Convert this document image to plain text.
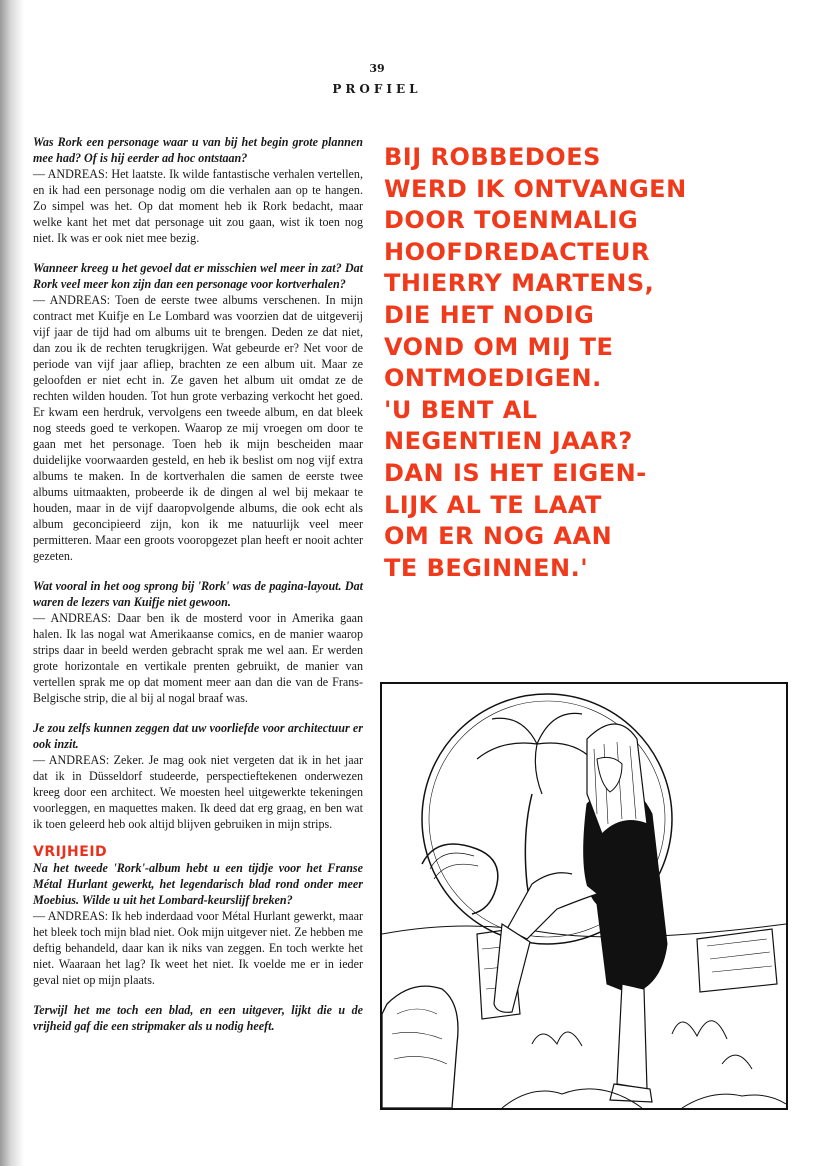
39
PROFIEL

Was Rork een personage waar u van bij het begin grote plannen mee had? Of is hij eerder ad hoc ontstaan?
— ANDREAS: Het laatste. Ik wilde fantastische verhalen vertellen, en ik had een personage nodig om die verhalen aan op te hangen. Zo simpel was het. Op dat moment heb ik Rork bedacht, maar welke kant het met dat personage uit zou gaan, wist ik toen nog niet. Ik was er ook niet mee bezig.

Wanneer kreeg u het gevoel dat er misschien wel meer in zat? Dat Rork veel meer kon zijn dan een personage voor kortverhalen?
— ANDREAS: Toen de eerste twee albums verschenen. In mijn contract met Kuifje en Le Lombard was voorzien dat de uitgeverij vijf jaar de tijd had om albums uit te brengen. Deden ze dat niet, dan zou ik de rechten terugkrijgen. Wat gebeurde er? Net voor de periode van vijf jaar afliep, brachten ze een album uit. Maar ze geloofden er niet echt in. Ze gaven het album uit omdat ze de rechten wilden houden. Tot hun grote verbazing verkocht het goed. Er kwam een herdruk, vervolgens een tweede album, en dat bleek nog steeds goed te verkopen. Waarop ze mij vroegen om door te gaan met het personage. Toen heb ik mijn bescheiden maar duidelijke voorwaarden gesteld, en heb ik beslist om nog vijf extra albums te maken. In de kortverhalen die samen de eerste twee albums uitmaakten, probeerde ik de dingen al wel bij mekaar te houden, maar in de vijf daaropvolgende albums, die ook echt als album geconcipieerd zijn, kon ik me natuurlijk veel meer permitteren. Maar een groots vooropgezet plan heeft er nooit achter gezeten.

Wat vooral in het oog sprong bij 'Rork' was de pagina-layout. Dat waren de lezers van Kuifje niet gewoon.
— ANDREAS: Daar ben ik de mosterd voor in Amerika gaan halen. Ik las nogal wat Amerikaanse comics, en de manier waarop strips daar in beeld werden gebracht sprak me wel aan. Er werden grote horizontale en vertikale prenten gebruikt, de manier van vertellen sprak me op dat moment meer aan dan die van de Frans-Belgische strip, die al bij al nogal braaf was.

Je zou zelfs kunnen zeggen dat uw voorliefde voor architectuur er ook inzit.
— ANDREAS: Zeker. Je mag ook niet vergeten dat ik in het jaar dat ik in Düsseldorf studeerde, perspectieftekenen onderwezen kreeg door een architect. We moesten heel uitgewerkte tekeningen voorleggen, en maquettes maken. Ik deed dat erg graag, en ben wat ik toen geleerd heb ook altijd blijven gebruiken in mijn strips.

VRIJHEID
Na het tweede 'Rork'-album hebt u een tijdje voor het Franse Métal Hurlant gewerkt, het legendarisch blad rond onder meer Moebius. Wilde u uit het Lombard-keurslijf breken?
— ANDREAS: Ik heb inderdaad voor Métal Hurlant gewerkt, maar het bleek toch mijn blad niet. Ook mijn uitgever niet. Ze hebben me deftig behandeld, daar kan ik niks van zeggen. En toch werkte het niet. Waaraan het lag? Ik weet het niet. Ik voelde me er in ieder geval niet op mijn plaats.

Terwijl het me toch een blad, en een uitgever, lijkt die u de vrijheid gaf die een stripmaker als u nodig heeft.

BIJ ROBBEDOES
WERD IK ONTVANGEN
DOOR TOENMALIG
HOOFDREDACTEUR
THIERRY MARTENS,
DIE HET NODIG
VOND OM MIJ TE
ONTMOEDIGEN.
'U BENT AL
NEGENTIEN JAAR?
DAN IS HET EIGEN-
LIJK AL TE LAAT
OM ER NOG AAN
TE BEGINNEN.'
